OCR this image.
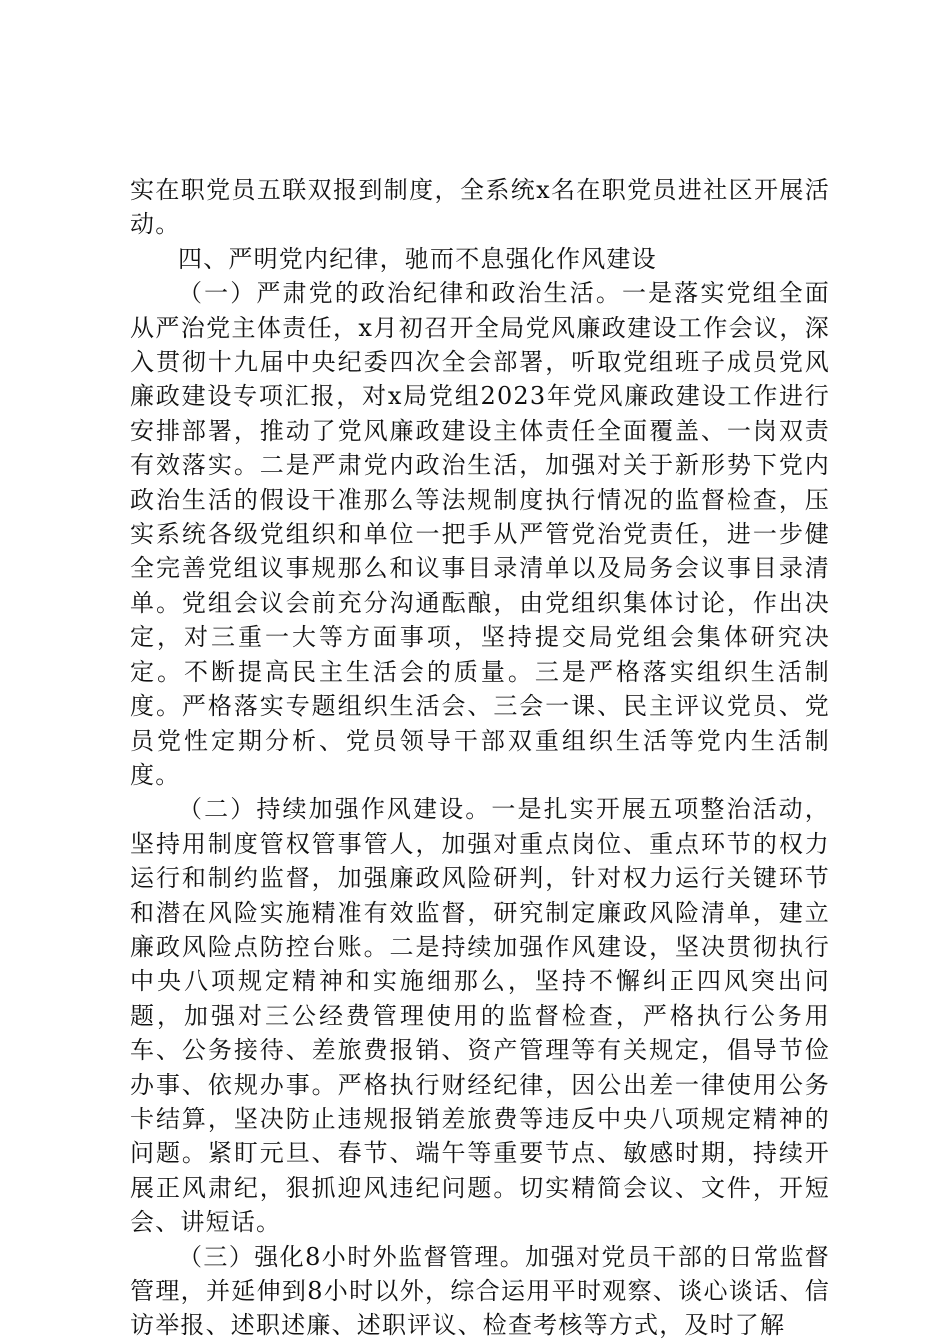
实在职党员五联双报到制度，全系统x名在职党员进社区开展活动。

四、严明党内纪律，驰而不息强化作风建设

（一）严肃党的政治纪律和政治生活。一是落实党组全面从严治党主体责任，x月初召开全局党风廉政建设工作会议，深入贯彻十九届中央纪委四次全会部署，听取党组班子成员党风廉政建设专项汇报，对x局党组2023年党风廉政建设工作进行安排部署，推动了党风廉政建设主体责任全面覆盖、一岗双责有效落实。二是严肃党内政治生活，加强对关于新形势下党内政治生活的假设干准那么等法规制度执行情况的监督检查，压实系统各级党组织和单位一把手从严管党治党责任，进一步健全完善党组议事规那么和议事目录清单以及局务会议事目录清单。党组会议会前充分沟通酝酿，由党组织集体讨论，作出决定，对三重一大等方面事项，坚持提交局党组会集体研究决定。不断提高民主生活会的质量。三是严格落实组织生活制度。严格落实专题组织生活会、三会一课、民主评议党员、党员党性定期分析、党员领导干部双重组织生活等党内生活制度。

（二）持续加强作风建设。一是扎实开展五项整治活动，坚持用制度管权管事管人，加强对重点岗位、重点环节的权力运行和制约监督，加强廉政风险研判，针对权力运行关键环节和潜在风险实施精准有效监督，研究制定廉政风险清单，建立廉政风险点防控台账。二是持续加强作风建设，坚决贯彻执行中央八项规定精神和实施细那么，坚持不懈纠正四风突出问题，加强对三公经费管理使用的监督检查，严格执行公务用车、公务接待、差旅费报销、资产管理等有关规定，倡导节俭办事、依规办事。严格执行财经纪律，因公出差一律使用公务卡结算，坚决防止违规报销差旅费等违反中央八项规定精神的问题。紧盯元旦、春节、端午等重要节点、敏感时期，持续开展正风肃纪，狠抓迎风违纪问题。切实精简会议、文件，开短会、讲短话。

（三）强化8小时外监督管理。加强对党员干部的日常监督管理，并延伸到8小时以外，综合运用平时观察、谈心谈话、信访举报、述职述廉、述职评议、检查考核等方式，及时了解
